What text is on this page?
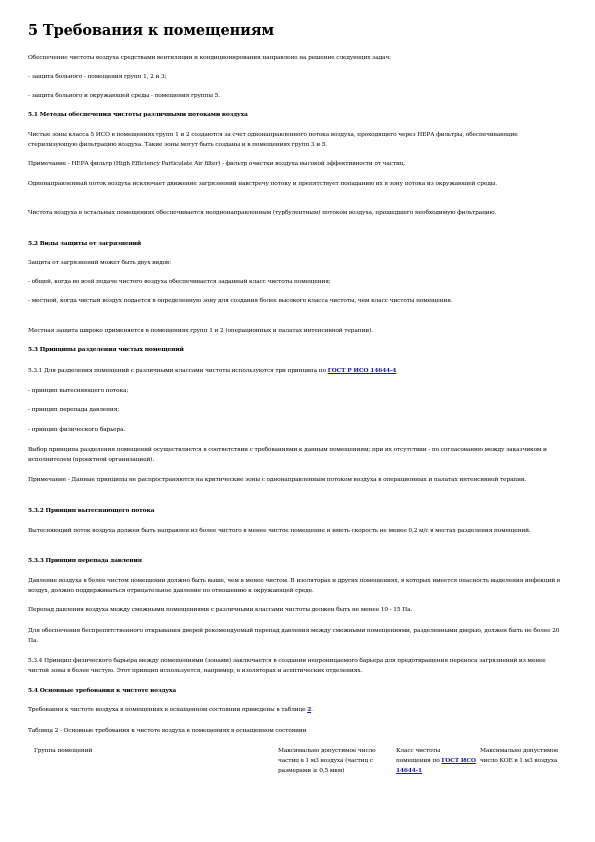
5 Требования к помещениям

Обеспечение чистоты воздуха средствами вентиляции и кондиционирования направлено на решение следующих задач:

- защита больного - помещения групп 1, 2 и 3;

- защита больного и окружающей среды - помещения группы 5.

5.1 Методы обеспечения чистоты различными потоками воздуха

Чистые зоны класса 5 ИСО в помещениях групп 1 и 2 создаются за счет однонаправленного потока воздуха, проходящего через НЕРА фильтры, обеспечивающие стерилизующую фильтрацию воздуха. Такие зоны могут быть созданы и в помещениях групп 3 и 5.

Примечание - НЕРА фильтр (High Efficiency Particulate Air filter) - фильтр очистки воздуха высокой эффективности от частиц.

Однонаправленный поток воздуха исключает движение загрязнений навстречу потоку и препятствует попаданию их в зону потока из окружающей среды.

Чистота воздуха в остальных помещениях обеспечивается неоднонаправленным (турбулентным) потоком воздуха, прошедшего необходимую фильтрацию.

5.2 Виды защиты от загрязнений

Защита от загрязнений может быть двух видов:

- общей, когда во всей подаче чистого воздуха обеспечивается заданный класс чистоты помещения;

- местной, когда чистый воздух подается в определенную зону для создания более высокого класса чистоты, чем класс чистоты помещения.

Местная защита широко применяется в помещениях групп 1 и 2 (операционных и палатах интенсивной терапии).

5.3 Принципы разделения чистых помещений

5.3.1 Для разделения помещений с различными классами чистоты используются три принципа по ГОСТ Р ИСО 14644-4

- принцип вытесняющего потока;

- принцип перепада давления;

- принцип физического барьера.

Выбор принципа разделения помещений осуществляется в соответствии с требованиями к данным помещениям; при их отсутствии - по согласованию между заказчиком и исполнителем (проектной организацией).

Примечание - Данные принципы не распространяются на критические зоны с однонаправленным потоком воздуха в операционных и палатах интенсивной терапии.

5.3.2 Принцип вытесняющего потока

Вытесняющий поток воздуха должен быть направлен из более чистого в менее чистое помещение и иметь скорость не менее 0,2 м/с в местах разделения помещений.

5.3.3 Принцип перепада давления

Давление воздуха в более чистом помещении должно быть выше, чем в менее чистом. В изоляторах и других помещениях, в которых имеется опасность выделения инфекций в воздух, должно поддерживаться отрицательное давление по отношению к окружающей среде.

Перепад давления воздуха между смежными помещениями с различными классами чистоты должен быть не менее 10 - 15 Па.

Для обеспечения беспрепятственного открывания дверей рекомендуемый перепад давления между смежными помещениями, разделенными дверью, должен быть не более 20 Па.

5.3.4 Принцип физического барьера между помещениями (зонами) заключается в создании непроницаемого барьера для предотвращения переноса загрязнений из менее чистой зоны в более чистую. Этот принцип используется, например, в изоляторах и асептических отделениях.

5.4 Основные требования к чистоте воздуха

Требования к чистоте воздуха в помещениях в оснащенном состоянии приведены в таблице 2.

Таблица 2 - Основные требования к чистоте воздуха в помещениях в оснащенном состоянии

Группа помещений	Максимально допустимое число частиц в 1 м3 воздуха (частиц с размерами ≥ 0,5 мкм)
Класс чистоты помещения по ГОСТ ИСО 14644-1
Максимально допустимое число КОЕ в 1 м3 воздуха
